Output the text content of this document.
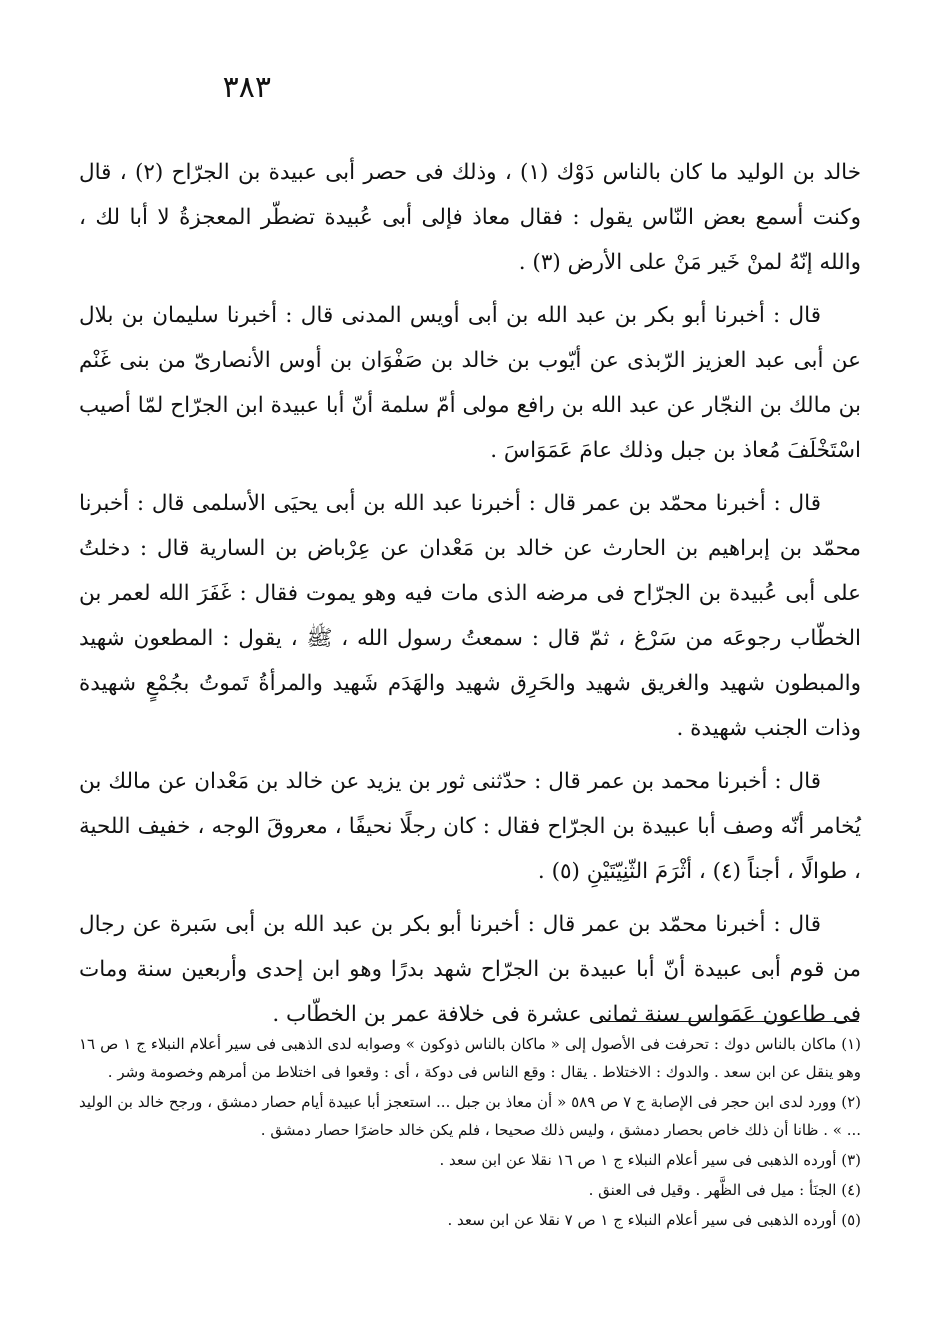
٣٨٣

خالد بن الوليد ما كان بالناس دَوْك (١) ، وذلك فى حصر أبى عبيدة بن الجرّاح (٢) ، قال وكنت أسمع بعض النّاس يقول : فقال معاذ فإلى أبى عُبيدة تضطّر المعجزةُ لا أبا لك ، والله إنّهُ لمنْ خَير مَنْ على الأرض (٣) .

قال : أخبرنا أبو بكر بن عبد الله بن أبى أويس المدنى قال : أخبرنا سليمان بن بلال عن أبى عبد العزيز الرّبذى عن أيّوب بن خالد بن صَفْوَان بن أوس الأنصارىّ من بنى غَنْم بن مالك بن النجّار عن عبد الله بن رافع مولى أمّ سلمة أنّ أبا عبيدة ابن الجرّاح لمّا أصيب اسْتَخْلَفَ مُعاذ بن جبل وذلك عامَ عَمَوَاسَ .

قال : أخبرنا محمّد بن عمر قال : أخبرنا عبد الله بن أبى يحيَى الأسلمى قال : أخبرنا محمّد بن إبراهيم بن الحارث عن خالد بن مَعْدان عن عِرْباض بن السارية قال : دخلتُ على أبى عُبيدة بن الجرّاح فى مرضه الذى مات فيه وهو يموت فقال : غَفَرَ الله لعمر بن الخطّاب رجوعَه من سَرْغ ، ثمّ قال : سمعتُ رسول الله ، ﷺ ، يقول : المطعون شهيد والمبطون شهيد والغريق شهيد والحَرِق شهيد والهَدَم شَهيد والمرأةُ تَموتُ بجُمْعٍ شهيدة وذات الجنب شهيدة .

قال : أخبرنا محمد بن عمر قال : حدّثنى ثور بن يزيد عن خالد بن مَعْدان عن مالك بن يُخامر أنّه وصف أبا عبيدة بن الجرّاح فقال : كان رجلًا نحيفًا ، معروقَ الوجه ، خفيف اللحية ، طوالًا ، أجناً (٤) ، أثْرَمَ الثّنِيّتَيْنِ (٥) .

قال : أخبرنا محمّد بن عمر قال : أخبرنا أبو بكر بن عبد الله بن أبى سَبرة عن رجال من قوم أبى عبيدة أنّ أبا عبيدة بن الجرّاح شهد بدرًا وهو ابن إحدى وأربعين سنة ومات فى طاعون عَمَواس سنة ثمانى عشرة فى خلافة عمر بن الخطّاب .

(١) ماكان بالناس دوك : تحرفت فى الأصول إلى « ماكان بالناس ذوكون » وصوابه لدى الذهبى فى سير أعلام النبلاء ج ١ ص ١٦ وهو ينقل عن ابن سعد . والدوك : الاختلاط . يقال : وقع الناس فى دوكة ، أى : وقعوا فى اختلاط من أمرهم وخصومة وشر .

(٢) وورد لدى ابن حجر فى الإصابة ج ٧ ص ٥٨٩ « أن معاذ بن جبل ... استعجز أبا عبيدة أيام حصار دمشق ، ورجح خالد بن الوليد ... » . ظانا أن ذلك خاص بحصار دمشق ، وليس ذلك صحيحا ، فلم يكن خالد حاضرًا حصار دمشق .

(٣) أورده الذهبى فى سير أعلام النبلاء ج ١ ص ١٦ نقلا عن ابن سعد .

(٤) الجنَأ : ميل فى الظَّهر . وقيل فى العنق .

(٥) أورده الذهبى فى سير أعلام النبلاء ج ١ ص ٧ نقلا عن ابن سعد .
